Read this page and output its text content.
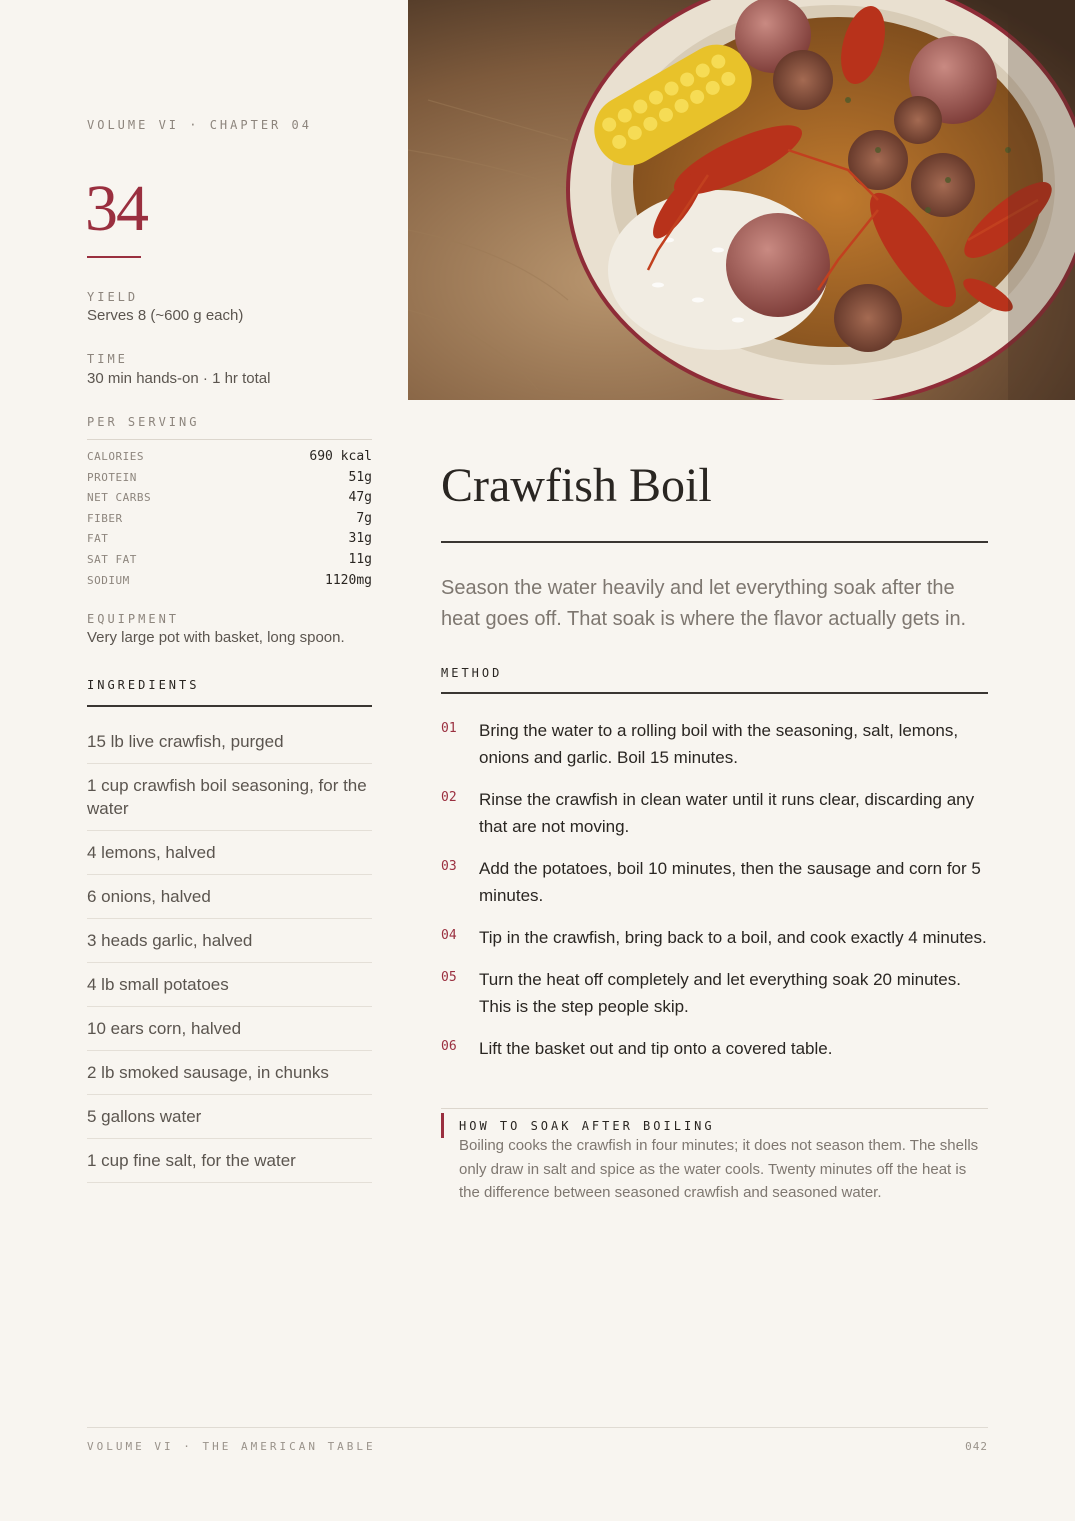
VOLUME VI · CHAPTER 04
34
YIELD
Serves 8 (~600 g each)
TIME
30 min hands-on · 1 hr total
PER SERVING
CALORIES	690 kcal
PROTEIN	51g
NET CARBS	47g
FIBER	7g
FAT	31g
SAT FAT	11g
SODIUM	1120mg
EQUIPMENT
Very large pot with basket, long spoon.
INGREDIENTS
15 lb live crawfish, purged
1 cup crawfish boil seasoning, for the water
4 lemons, halved
6 onions, halved
3 heads garlic, halved
4 lb small potatoes
10 ears corn, halved
2 lb smoked sausage, in chunks
5 gallons water
1 cup fine salt, for the water
Crawfish Boil

Season the water heavily and let everything soak after the heat goes off. That soak is where the flavor actually gets in.

METHOD
01	Bring the water to a rolling boil with the seasoning, salt, lemons, onions and garlic. Boil 15 minutes.
02	Rinse the crawfish in clean water until it runs clear, discarding any that are not moving.
03	Add the potatoes, boil 10 minutes, then the sausage and corn for 5 minutes.
04	Tip in the crawfish, bring back to a boil, and cook exactly 4 minutes.
05	Turn the heat off completely and let everything soak 20 minutes. This is the step people skip.
06	Lift the basket out and tip onto a covered table.
HOW TO SOAK AFTER BOILING

Boiling cooks the crawfish in four minutes; it does not season them. The shells only draw in salt and spice as the water cools. Twenty minutes off the heat is the difference between seasoned crawfish and seasoned water.

VOLUME VI · THE AMERICAN TABLE	042
